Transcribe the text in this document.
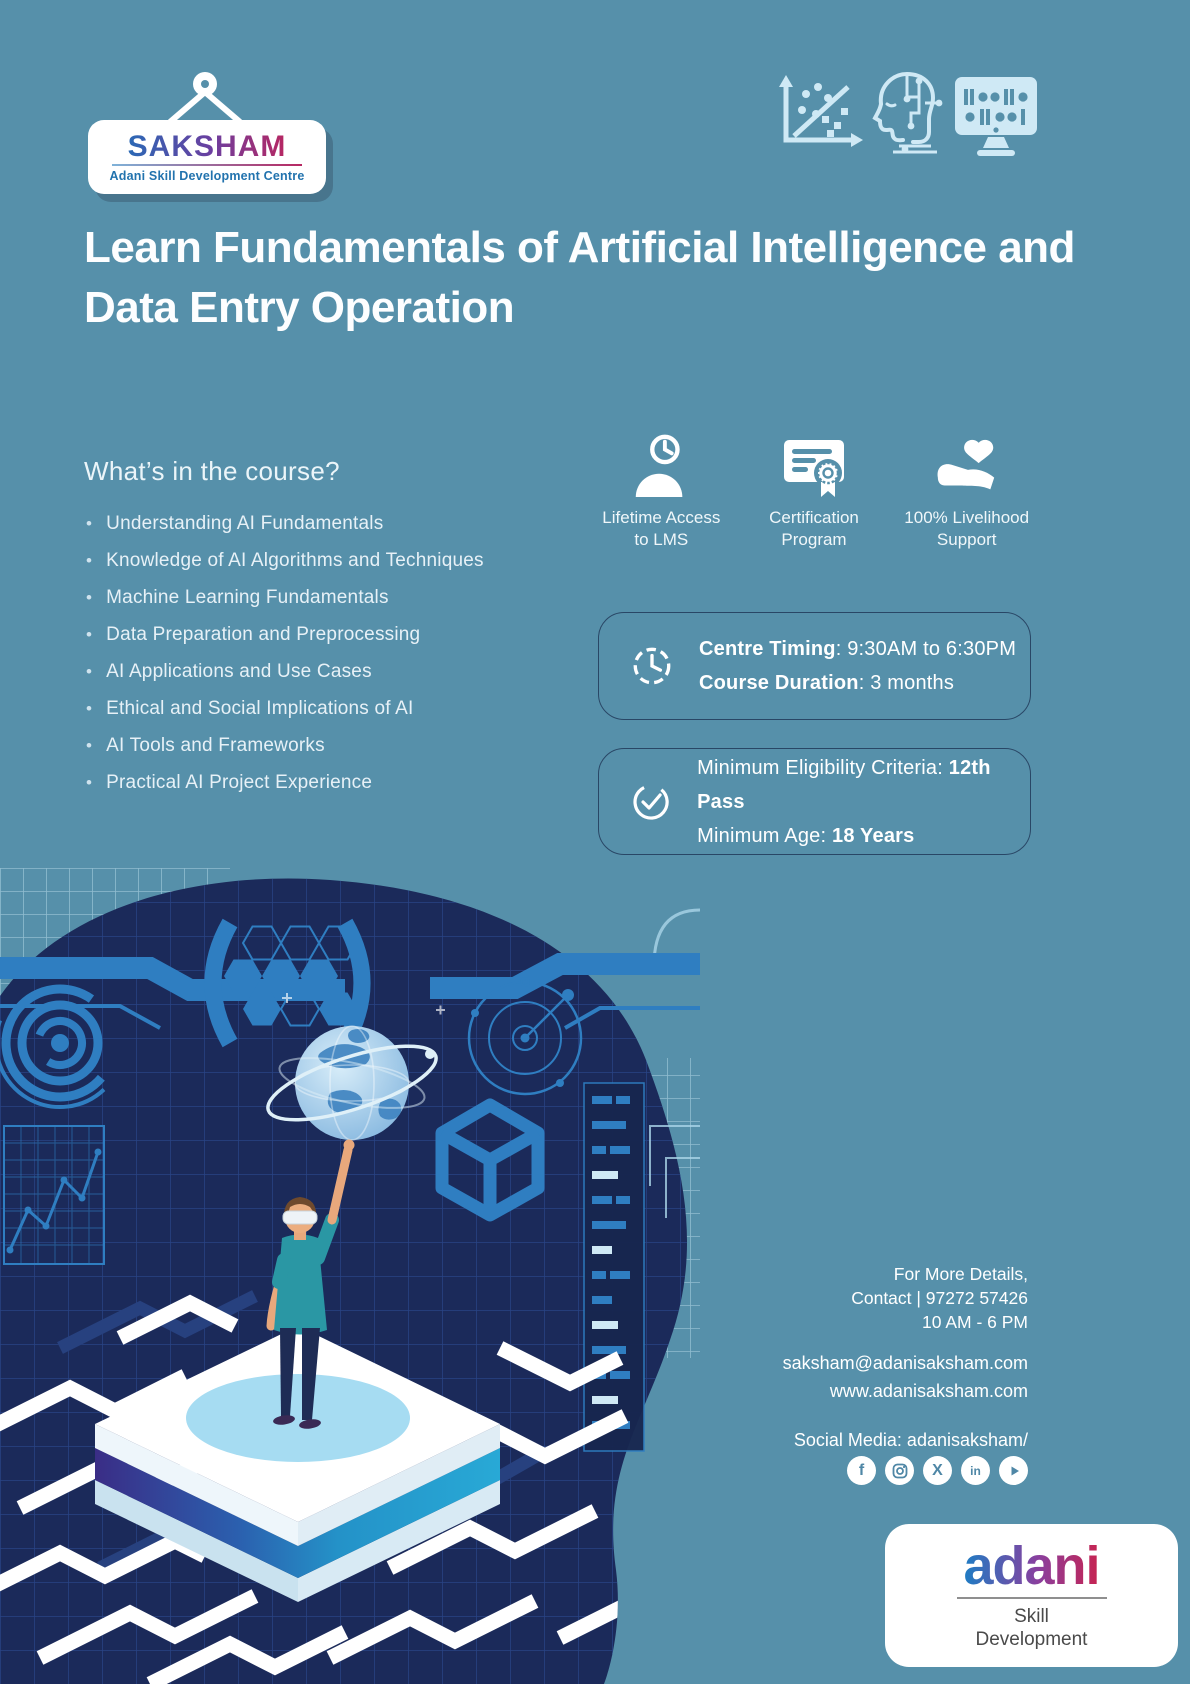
SAKSHAM
Adani Skill Development Centre
Learn Fundamentals of Artificial Intelligence and Data Entry Operation
What’s in the course?
• Understanding AI Fundamentals
• Knowledge of AI Algorithms and Techniques
• Machine Learning Fundamentals
• Data Preparation and Preprocessing
• AI Applications and Use Cases
• Ethical and Social Implications of AI
• AI Tools and Frameworks
• Practical AI Project Experience
Lifetime Access
to LMS
Certification
Program
100% Livelihood
Support
Centre Timing: 9:30AM to 6:30PM
Course Duration: 3 months
Minimum Eligibility Criteria: 12th Pass
Minimum Age: 18 Years
For More Details,
Contact | 97272 57426
10 AM - 6 PM
saksham@adanisaksham.com
www.adanisaksham.com
Social Media: adanisaksham/
f	X in
adani
Skill
Development
